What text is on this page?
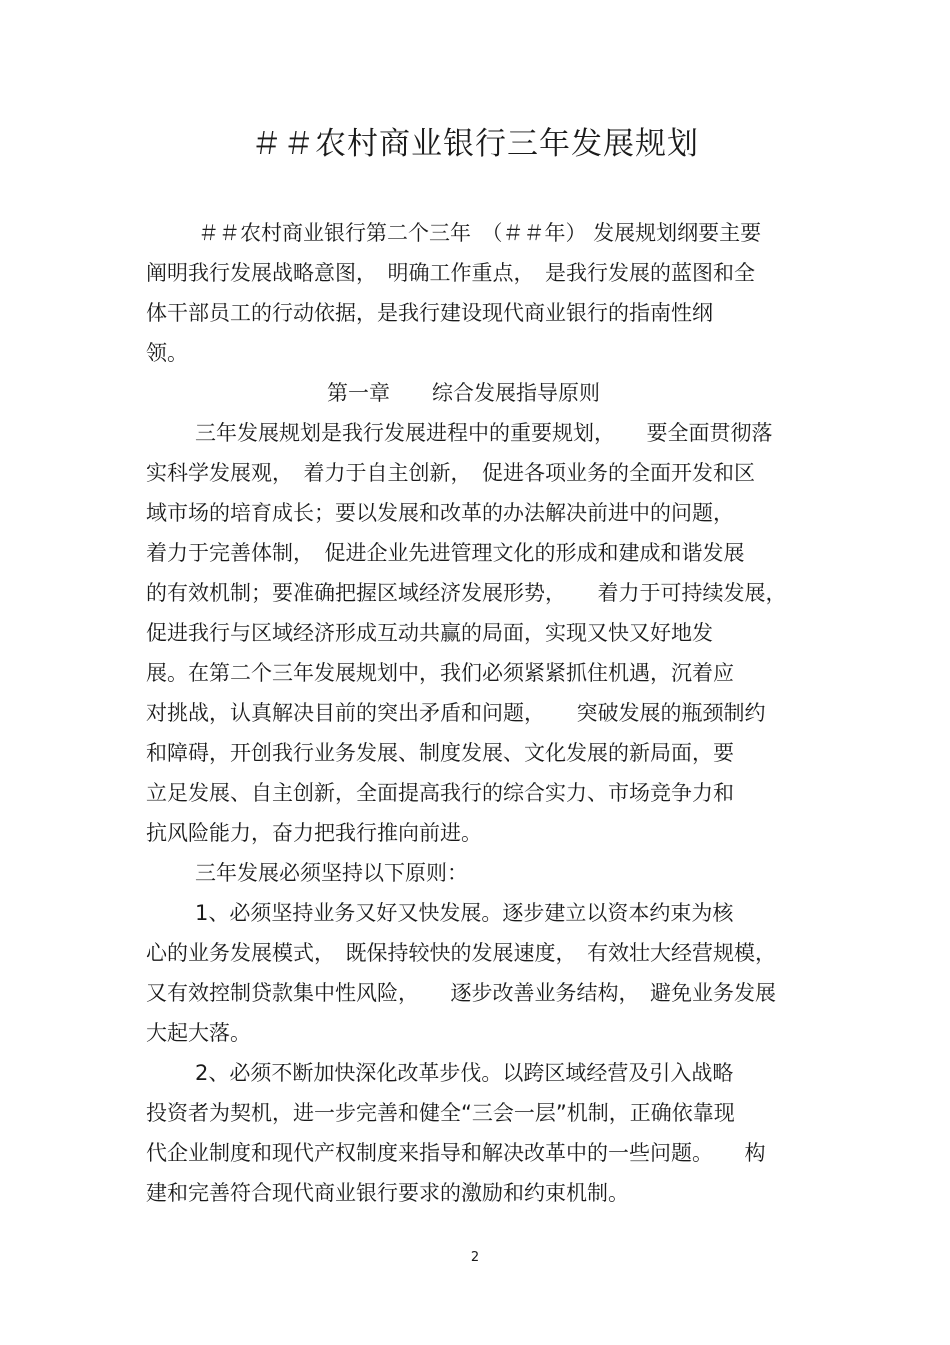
＃＃农村商业银行三年发展规划
＃＃农村商业银行第二个三年　（＃＃年） 发展规划纲要主要
阐明我行发展战略意图，　明确工作重点，　是我行发展的蓝图和全
体干部员工的行动依据，是我行建设现代商业银行的指南性纲
领。
第一章　　综合发展指导原则
三年发展规划是我行发展进程中的重要规划，　　要全面贯彻落
实科学发展观，　着力于自主创新，　促进各项业务的全面开发和区
域市场的培育成长；要以发展和改革的办法解决前进中的问题，
着力于完善体制，　促进企业先进管理文化的形成和建成和谐发展
的有效机制；要准确把握区域经济发展形势，　　着力于可持续发展，
促进我行与区域经济形成互动共赢的局面，实现又快又好地发
展。在第二个三年发展规划中，我们必须紧紧抓住机遇，沉着应
对挑战，认真解决目前的突出矛盾和问题，　　突破发展的瓶颈制约
和障碍，开创我行业务发展、制度发展、文化发展的新局面，要
立足发展、自主创新，全面提高我行的综合实力、市场竞争力和
抗风险能力，奋力把我行推向前进。
三年发展必须坚持以下原则：
1、必须坚持业务又好又快发展。逐步建立以资本约束为核
心的业务发展模式，　既保持较快的发展速度，　有效壮大经营规模，
又有效控制贷款集中性风险，　　逐步改善业务结构，　避免业务发展
大起大落。
2、必须不断加快深化改革步伐。以跨区域经营及引入战略
投资者为契机，进一步完善和健全“三会一层”机制，正确依靠现
代企业制度和现代产权制度来指导和解决改革中的一些问题。　　构
建和完善符合现代商业银行要求的激励和约束机制。
2
